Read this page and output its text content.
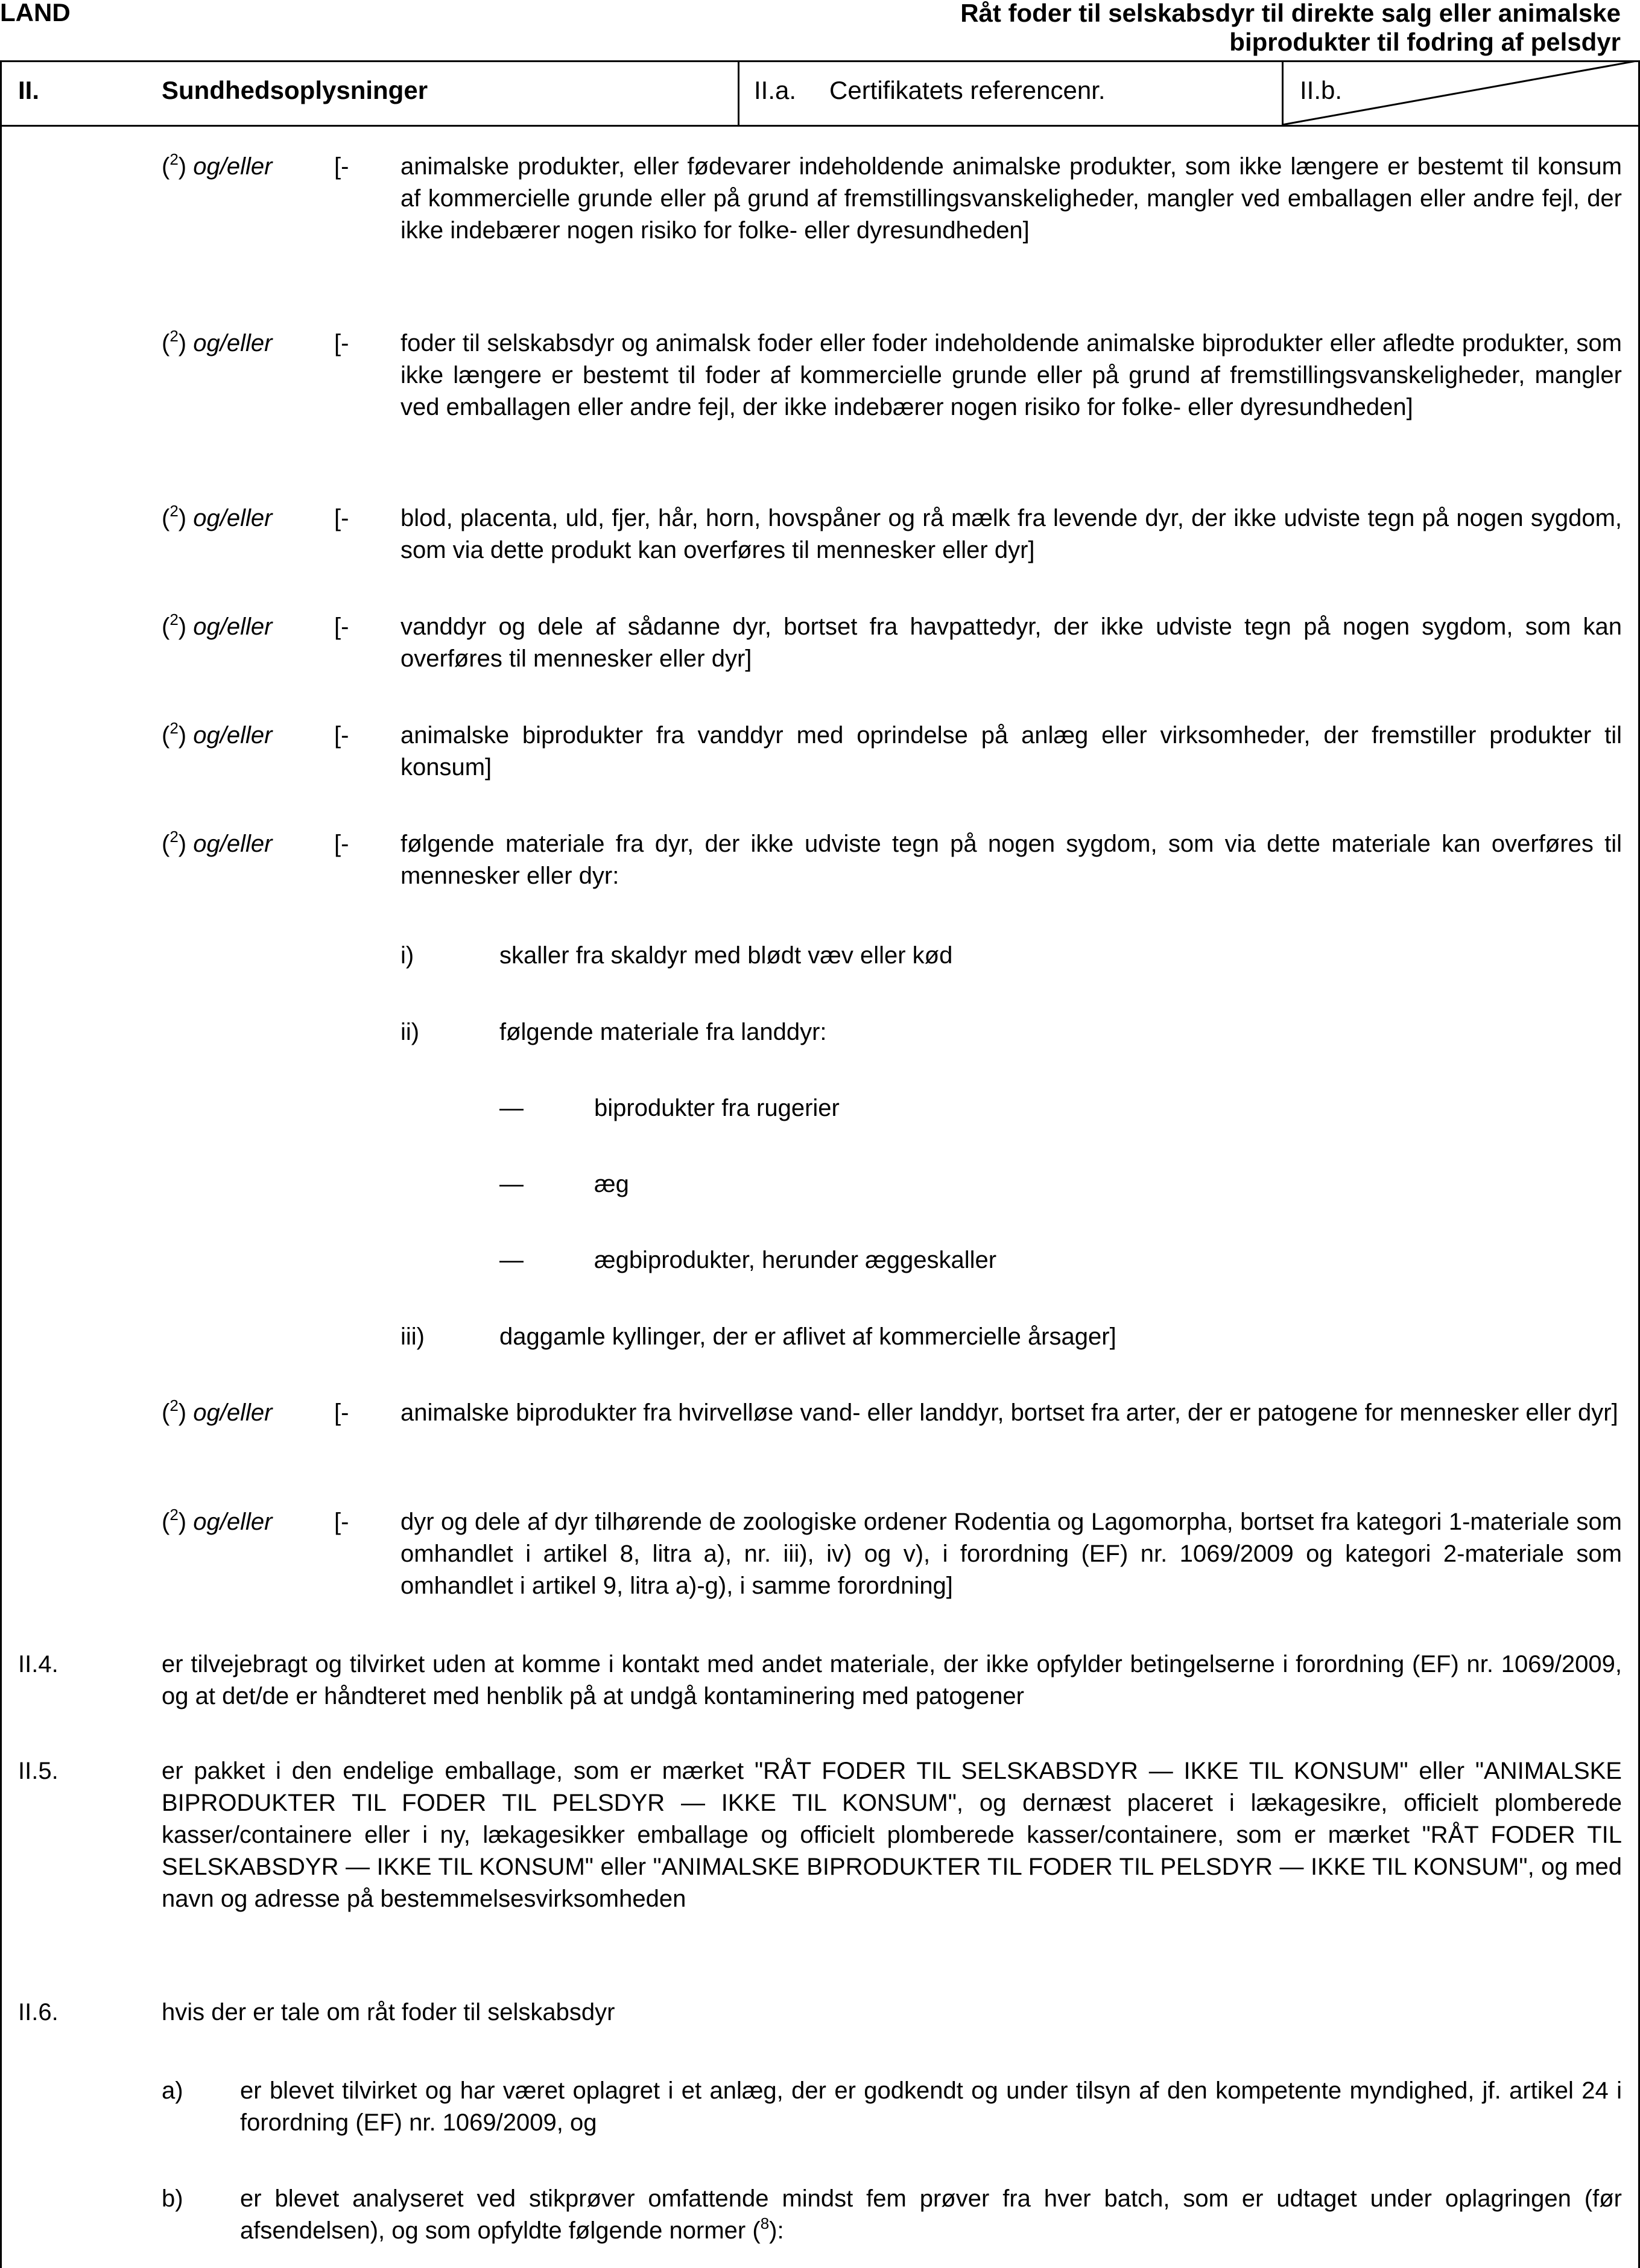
LAND	Råt foder til selskabsdyr til direkte salg eller animalske
biprodukter til fodring af pelsdyr
II.	Sundhedsoplysninger	II.a. Certifikatets referencenr.	II.b.
($^2$) og/eller	[- animalske produkter, eller fødevarer indeholdende animalske produkter, som ikke længere er bestemt til konsum af kommercielle grunde eller på grund af fremstillingsvanskeligheder, mangler ved emballagen eller andre fejl, der ikke indebærer nogen risiko for folke- eller dyresundheden]
($^2$) og/eller	[- foder til selskabsdyr og animalsk foder eller foder indeholdende animalske biprodukter eller afledte produkter, som ikke længere er bestemt til foder af kommercielle grunde eller på grund af fremstillingsvanskeligheder, mangler ved emballagen eller andre fejl, der ikke indebærer nogen risiko for folke- eller dyresundheden]
($^2$) og/eller	[- blod, placenta, uld, fjer, hår, horn, hovspåner og rå mælk fra levende dyr, der ikke udviste tegn på nogen sygdom, som via dette produkt kan overføres til mennesker eller dyr]
($^2$) og/eller	[- vanddyr og dele af sådanne dyr, bortset fra havpattedyr, der ikke udviste tegn på nogen sygdom, som kan overføres til mennesker eller dyr]
($^2$) og/eller	[- animalske biprodukter fra vanddyr med oprindelse på anlæg eller virksomheder, der fremstiller produkter til konsum]
($^2$) og/eller	[- følgende materiale fra dyr, der ikke udviste tegn på nogen sygdom, som via dette materiale kan overføres til mennesker eller dyr:
i)	skaller fra skaldyr med blødt væv eller kød
ii)	følgende materiale fra landdyr:
—	biprodukter fra rugerier
—	æg
—	ægbiprodukter, herunder æggeskaller
iii)	daggamle kyllinger, der er aflivet af kommercielle årsager]
($^2$) og/eller	[- animalske biprodukter fra hvirvelløse vand- eller landdyr, bortset fra arter, der er patogene for mennesker eller dyr]
($^2$) og/eller	[- dyr og dele af dyr tilhørende de zoologiske ordener Rodentia og Lagomorpha, bortset fra kategori 1-materiale som omhandlet i artikel 8, litra a), nr. iii), iv) og v), i forordning (EF) nr. 1069/2009 og kategori 2-materiale som omhandlet i artikel 9, litra a)-g), i samme forordning]
II.4.	er tilvejebragt og tilvirket uden at komme i kontakt med andet materiale, der ikke opfylder betingelserne i forordning (EF) nr. 1069/2009, og at det/de er håndteret med henblik på at undgå kontaminering med patogener
II.5.	er pakket i den endelige emballage, som er mærket "RÅT FODER TIL SELSKABSDYR — IKKE TIL KONSUM" eller "ANIMALSKE BIPRODUKTER TIL FODER TIL PELSDYR — IKKE TIL KONSUM", og dernæst placeret i lækagesikre, officielt plomberede kasser/containere eller i ny, lækagesikker emballage og officielt plomberede kasser/containere, som er mærket "RÅT FODER TIL SELSKABSDYR — IKKE TIL KONSUM" eller "ANIMALSKE BIPRODUKTER TIL FODER TIL PELSDYR — IKKE TIL KONSUM", og med navn og adresse på bestemmelsesvirksomheden
II.6.	hvis der er tale om råt foder til selskabsdyr
a) er blevet tilvirket og har været oplagret i et anlæg, der er godkendt og under tilsyn af den kompetente myndighed, jf. artikel 24 i forordning (EF) nr. 1069/2009, og
b) er blevet analyseret ved stikprøver omfattende mindst fem prøver fra hver batch, som er udtaget under oplagringen (før afsendelsen), og som opfyldte følgende normer ($^8$):
